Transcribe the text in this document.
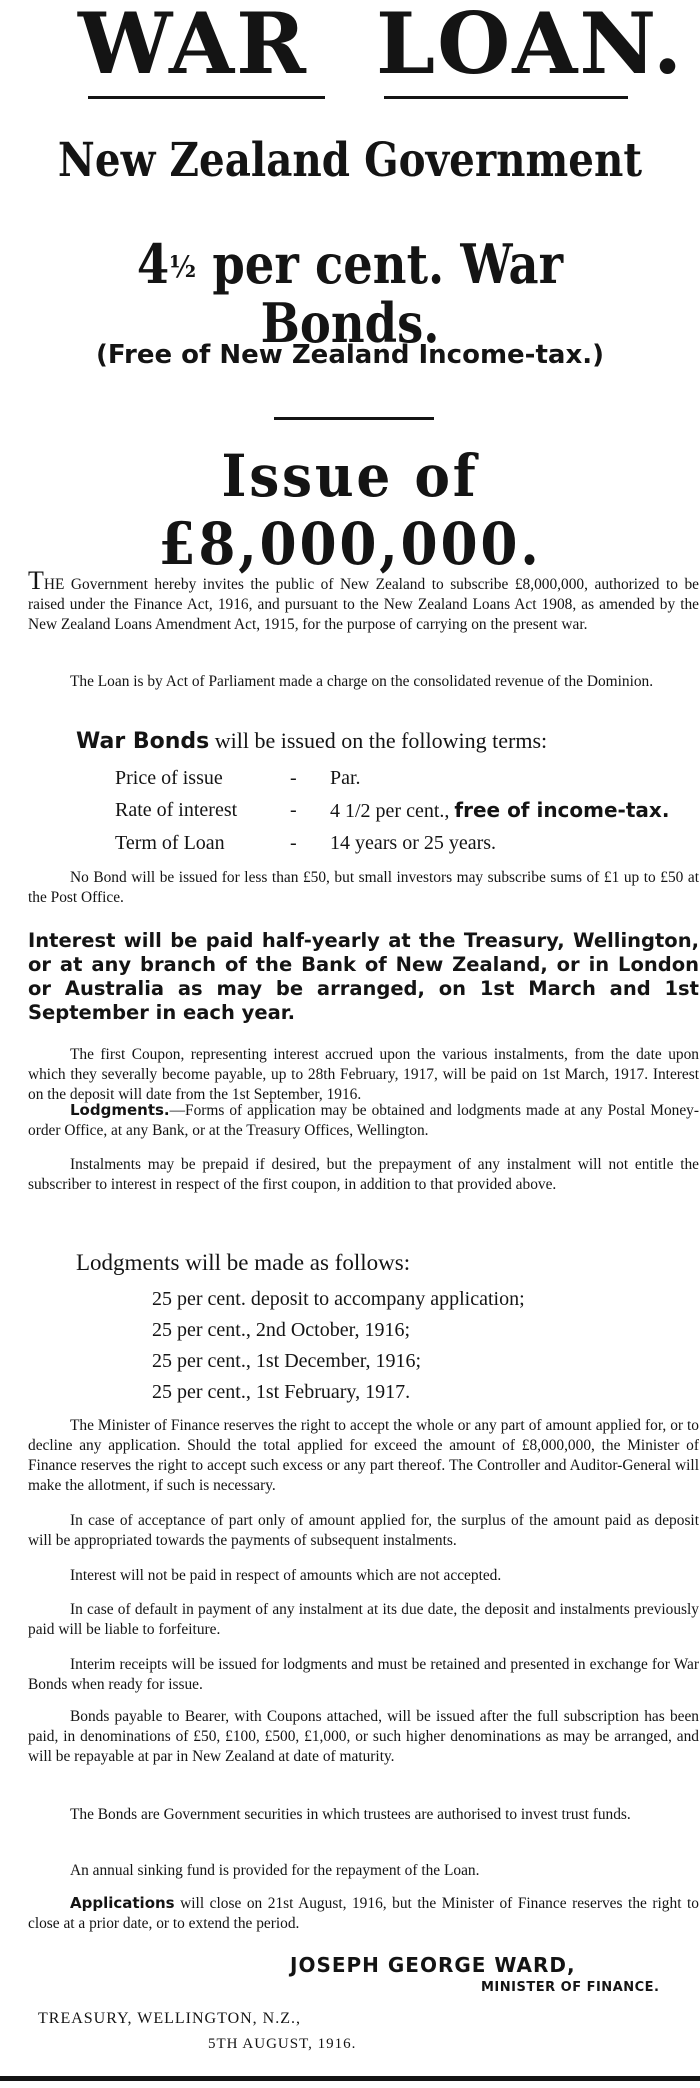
WAR LOAN.
New Zealand Government
4½ per cent. War Bonds.
(Free of New Zealand Income-tax.)
Issue of £8,000,000.

THE Government hereby invites the public of New Zealand to subscribe £8,000,000, authorized to be raised under the Finance Act, 1916, and pursuant to the New Zealand Loans Act 1908, as amended by the New Zealand Loans Amendment Act, 1915, for the purpose of carrying on the present war.

The Loan is by Act of Parliament made a charge on the consolidated revenue of the Dominion.

War Bonds will be issued on the following terms:
Price of issue	-	Par.
Rate of interest	-	4 1/2 per cent., free of income-tax.
Term of Loan	-	14 years or 25 years.

No Bond will be issued for less than £50, but small investors may subscribe sums of £1 up to £50 at the Post Office.

Interest will be paid half-yearly at the Treasury, Wellington, or at any branch of the Bank of New Zealand, or in London or Australia as may be arranged, on 1st March and 1st September in each year.

The first Coupon, representing interest accrued upon the various instalments, from the date upon which they severally become payable, up to 28th February, 1917, will be paid on 1st March, 1917. Interest on the deposit will date from the 1st September, 1916.

Lodgments.—Forms of application may be obtained and lodgments made at any Postal Money-order Office, at any Bank, or at the Treasury Offices, Wellington.

Instalments may be prepaid if desired, but the prepayment of any instalment will not entitle the subscriber to interest in respect of the first coupon, in addition to that provided above.

Lodgments will be made as follows:
25 per cent. deposit to accompany application;
25 per cent., 2nd October, 1916;
25 per cent., 1st December, 1916;
25 per cent., 1st February, 1917.

The Minister of Finance reserves the right to accept the whole or any part of amount applied for, or to decline any application. Should the total applied for exceed the amount of £8,000,000, the Minister of Finance reserves the right to accept such excess or any part thereof. The Controller and Auditor-General will make the allotment, if such is necessary.

In case of acceptance of part only of amount applied for, the surplus of the amount paid as deposit will be appropriated towards the payments of subsequent instalments.

Interest will not be paid in respect of amounts which are not accepted.

In case of default in payment of any instalment at its due date, the deposit and instalments previously paid will be liable to forfeiture.

Interim receipts will be issued for lodgments and must be retained and presented in exchange for War Bonds when ready for issue.

Bonds payable to Bearer, with Coupons attached, will be issued after the full subscription has been paid, in denominations of £50, £100, £500, £1,000, or such higher denominations as may be arranged, and will be repayable at par in New Zealand at date of maturity.

The Bonds are Government securities in which trustees are authorised to invest trust funds.

An annual sinking fund is provided for the repayment of the Loan.

Applications will close on 21st August, 1916, but the Minister of Finance reserves the right to close at a prior date, or to extend the period.

JOSEPH GEORGE WARD,
MINISTER OF FINANCE.
TREASURY, WELLINGTON, N.Z.,
5TH AUGUST, 1916.
